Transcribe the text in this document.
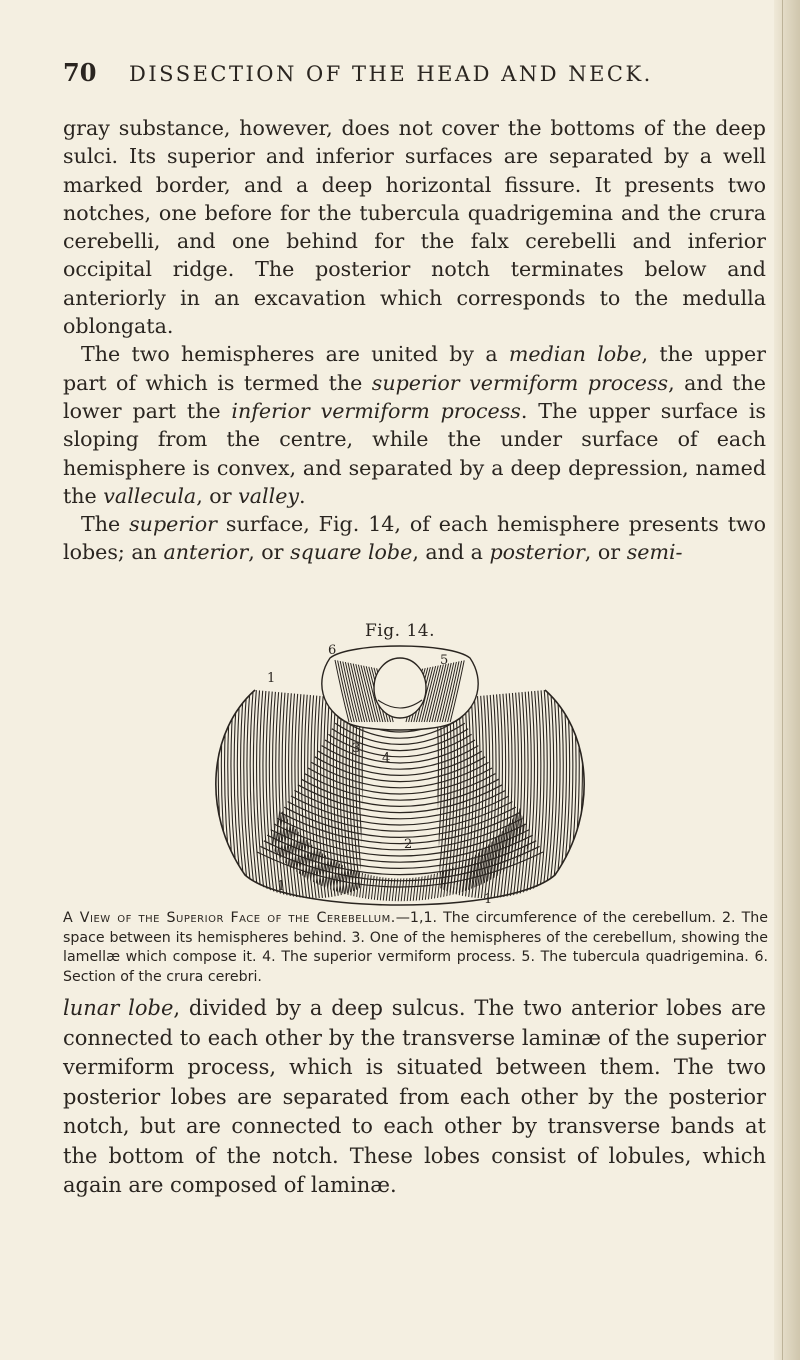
70 DISSECTION OF THE HEAD AND NECK.

gray substance, however, does not cover the bottoms of the deep sulci. Its superior and inferior surfaces are separated by a well marked border, and a deep horizontal fissure. It presents two notches, one before for the tubercula quadrigemina and the crura cerebelli, and one behind for the falx cerebelli and inferior occipital ridge. The posterior notch terminates below and anteriorly in an excavation which corresponds to the medulla oblongata.

The two hemispheres are united by a median lobe, the upper part of which is termed the superior vermiform process, and the lower part the inferior vermiform process. The upper surface is sloping from the centre, while the under surface of each hemisphere is convex, and separated by a deep depression, named the vallecula, or valley.

The superior surface, Fig. 14, of each hemisphere presents two lobes; an anterior, or square lobe, and a posterior, or semi-

Fig. 14.
6
5
3
4
1
1
1
2
A View of the Superior Face of the Cerebellum.—1,1. The circumference of the cerebellum. 2. The space between its hemispheres behind. 3. One of the hemispheres of the cerebellum, showing the lamellæ which compose it. 4. The superior vermiform process. 5. The tubercula quadrigemina. 6. Section of the crura cerebri.

lunar lobe, divided by a deep sulcus. The two anterior lobes are connected to each other by the transverse laminæ of the superior vermiform process, which is situated between them. The two posterior lobes are separated from each other by the posterior notch, but are connected to each other by transverse bands at the bottom of the notch. These lobes consist of lobules, which again are composed of laminæ.
